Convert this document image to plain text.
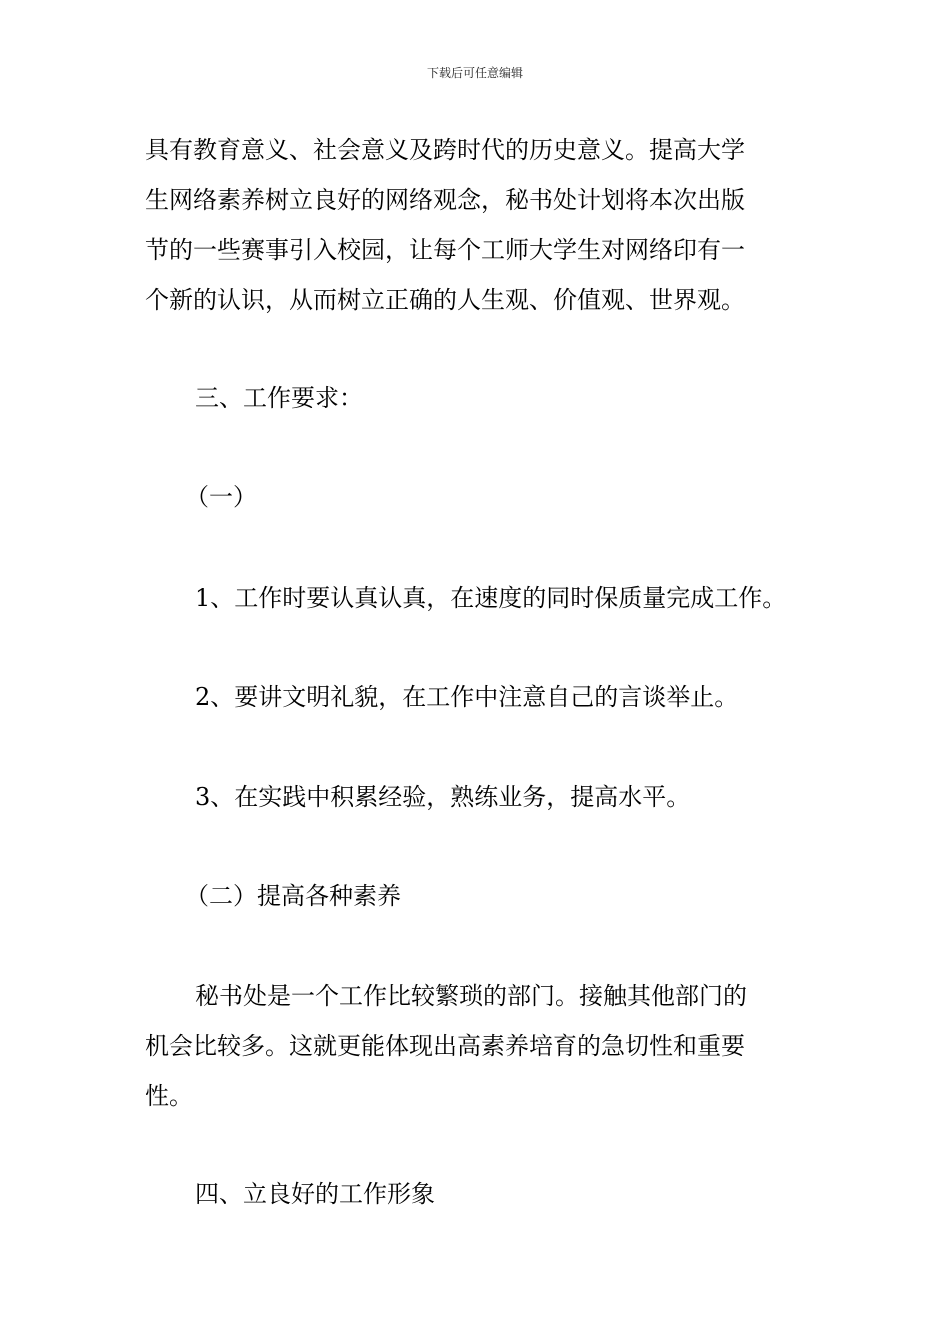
下载后可任意编辑
具有教育意义、社会意义及跨时代的历史意义。提高大学
生网络素养树立良好的网络观念，秘书处计划将本次出版
节的一些赛事引入校园，让每个工师大学生对网络印有一
个新的认识，从而树立正确的人生观、价值观、世界观。
三、工作要求：
（一）
1、工作时要认真认真，在速度的同时保质量完成工作。
2、要讲文明礼貌，在工作中注意自己的言谈举止。
3、在实践中积累经验，熟练业务，提高水平。
（二）提高各种素养
秘书处是一个工作比较繁琐的部门。接触其他部门的
机会比较多。这就更能体现出高素养培育的急切性和重要
性。
四、立良好的工作形象
